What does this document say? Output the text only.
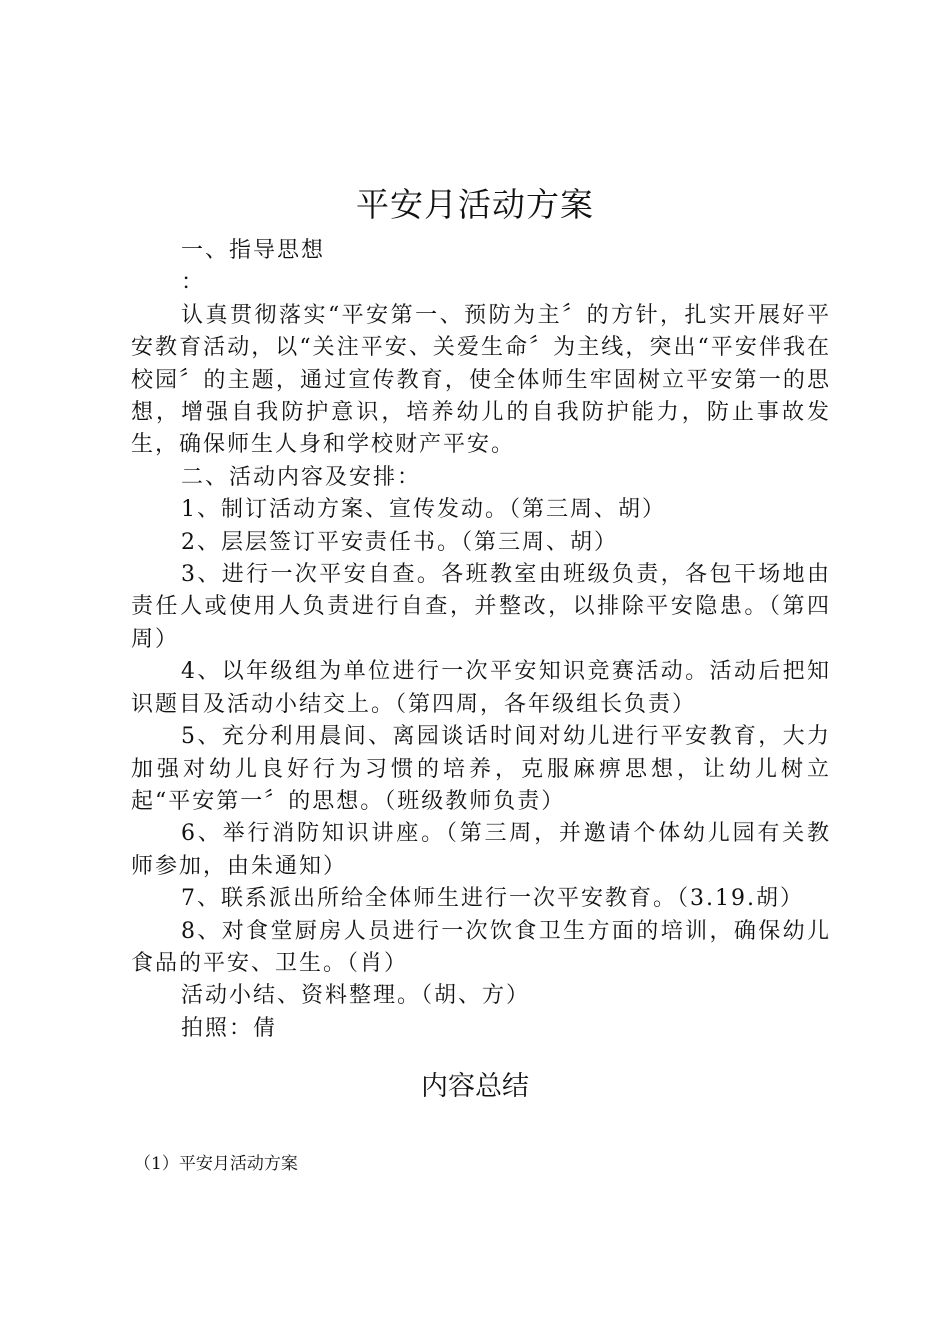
平安月活动方案

一、指导思想

：

认真贯彻落实“平安第一、预防为主〞的方针，扎实开展好平安教育活动，以“关注平安、关爱生命〞为主线，突出“平安伴我在校园〞的主题，通过宣传教育，使全体师生牢固树立平安第一的思想，增强自我防护意识，培养幼儿的自我防护能力，防止事故发生，确保师生人身和学校财产平安。

二、活动内容及安排：

1、制订活动方案、宣传发动。（第三周、胡）

2、层层签订平安责任书。（第三周、胡）

3、进行一次平安自查。各班教室由班级负责，各包干场地由责任人或使用人负责进行自查，并整改，以排除平安隐患。（第四周）

4、以年级组为单位进行一次平安知识竞赛活动。活动后把知识题目及活动小结交上。（第四周，各年级组长负责）

5、充分利用晨间、离园谈话时间对幼儿进行平安教育，大力加强对幼儿良好行为习惯的培养，克服麻痹思想，让幼儿树立起“平安第一〞的思想。（班级教师负责）

6、举行消防知识讲座。（第三周，并邀请个体幼儿园有关教师参加，由朱通知）

7、联系派出所给全体师生进行一次平安教育。（3.19.胡）

8、对食堂厨房人员进行一次饮食卫生方面的培训，确保幼儿食品的平安、卫生。（肖）

活动小结、资料整理。（胡、方）

拍照：倩

内容总结
（1）平安月活动方案
